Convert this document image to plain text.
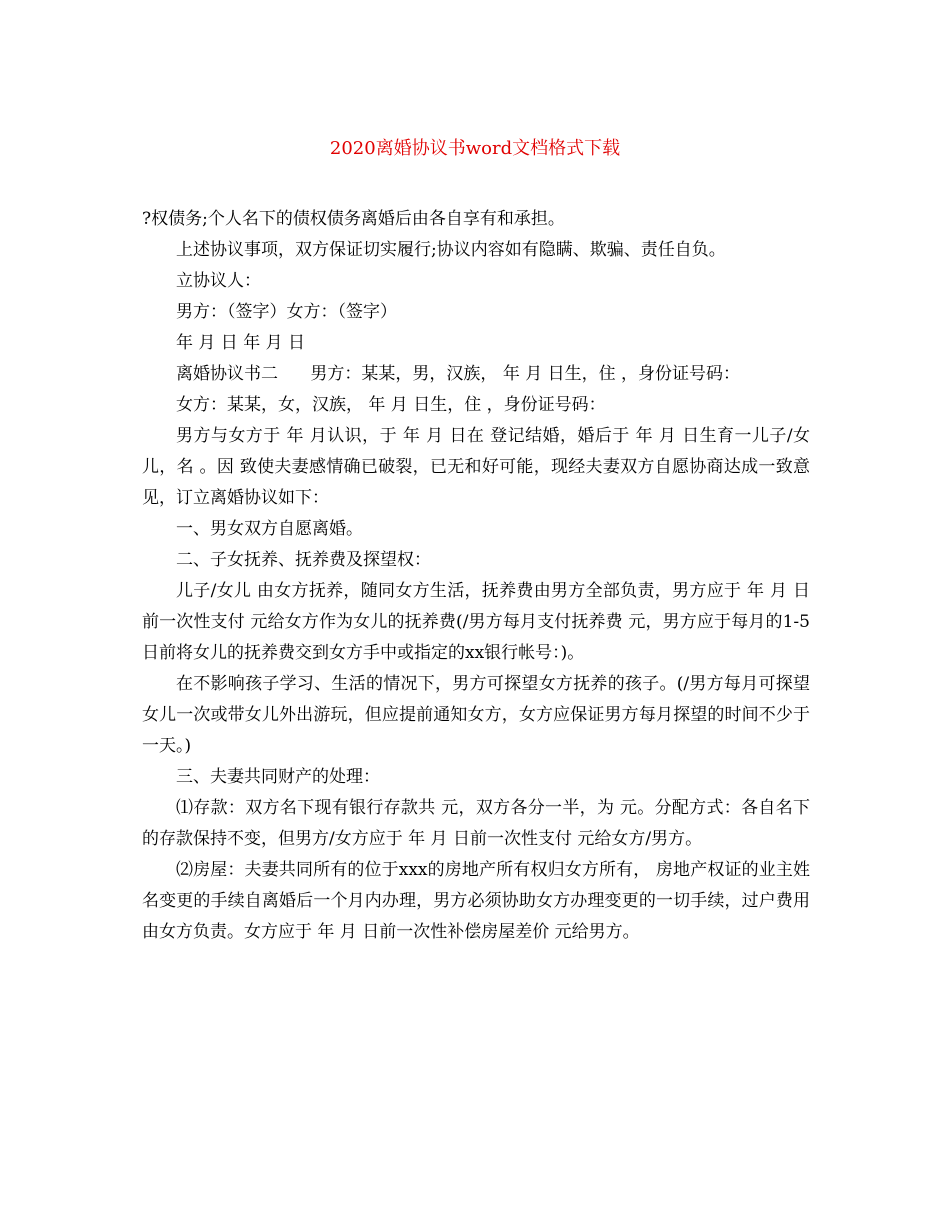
2020离婚协议书word文档格式下载

?权债务;个人名下的债权债务离婚后由各自享有和承担。

上述协议事项，双方保证切实履行;协议内容如有隐瞒、欺骗、责任自负。

立协议人：

男方：（签字）女方：（签字）

年 月 日 年 月 日

离婚协议书二      男方：某某，男，汉族， 年 月 日生，住 ，身份证号码：

女方：某某，女，汉族， 年 月 日生，住 ，身份证号码：

男方与女方于 年 月认识，于 年 月 日在 登记结婚，婚后于 年 月 日生育一儿子/女儿，名 。因 致使夫妻感情确已破裂，已无和好可能，现经夫妻双方自愿协商达成一致意见，订立离婚协议如下：

一、男女双方自愿离婚。

二、子女抚养、抚养费及探望权：

儿子/女儿 由女方抚养，随同女方生活，抚养费由男方全部负责，男方应于 年 月 日前一次性支付 元给女方作为女儿的抚养费(/男方每月支付抚养费 元，男方应于每月的1-5日前将女儿的抚养费交到女方手中或指定的xx银行帐号：)。

在不影响孩子学习、生活的情况下，男方可探望女方抚养的孩子。(/男方每月可探望女儿一次或带女儿外出游玩，但应提前通知女方，女方应保证男方每月探望的时间不少于一天。)

三、夫妻共同财产的处理：

⑴存款：双方名下现有银行存款共 元，双方各分一半，为 元。分配方式：各自名下的存款保持不变，但男方/女方应于 年 月 日前一次性支付 元给女方/男方。

⑵房屋：夫妻共同所有的位于xxx的房地产所有权归女方所有， 房地产权证的业主姓名变更的手续自离婚后一个月内办理，男方必须协助女方办理变更的一切手续，过户费用由女方负责。女方应于 年 月 日前一次性补偿房屋差价 元给男方。
